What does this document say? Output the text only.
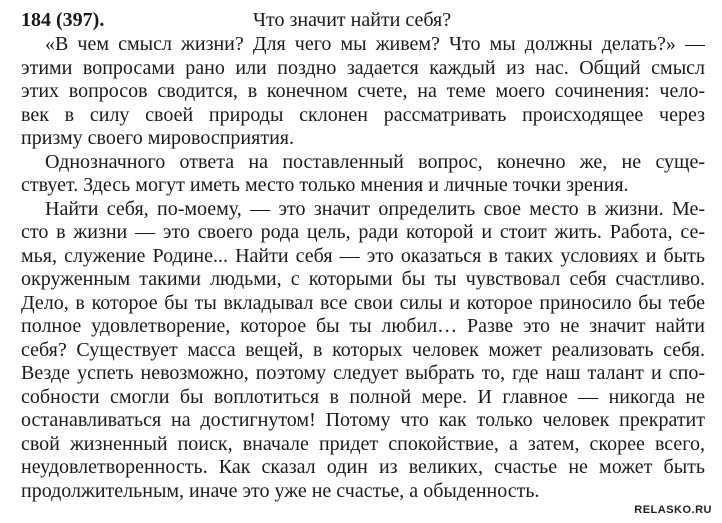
184 (397).	Что значит найти себя?
«В чем смысл жизни? Для чего мы живем? Что мы должны делать?» —
этими вопросами рано или поздно задается каждый из нас. Общий смысл
этих вопросов сводится, в конечном счете, на теме моего сочинения: чело-
век в силу своей природы склонен рассматривать происходящее через
призму своего мировосприятия.
Однозначного ответа на поставленный вопрос, конечно же, не суще-
ствует. Здесь могут иметь место только мнения и личные точки зрения.
Найти себя, по-моему, — это значит определить свое место в жизни. Ме-
сто в жизни — это своего рода цель, ради которой и стоит жить. Работа, се-
мья, служение Родине... Найти себя — это оказаться в таких условиях и быть
окруженным такими людьми, с которыми бы ты чувствовал себя счастливо.
Дело, в которое бы ты вкладывал все свои силы и которое приносило бы тебе
полное удовлетворение, которое бы ты любил… Разве это не значит найти
себя? Существует масса вещей, в которых человек может реализовать себя.
Везде успеть невозможно, поэтому следует выбрать то, где наш талант и спо-
собности смогли бы воплотиться в полной мере. И главное — никогда не
останавливаться на достигнутом! Потому что как только человек прекратит
свой жизненный поиск, вначале придет спокойствие, а затем, скорее всего,
неудовлетворенность. Как сказал один из великих, счастье не может быть
продолжительным, иначе это уже не счастье, а обыденность.
RELASKO.RU
